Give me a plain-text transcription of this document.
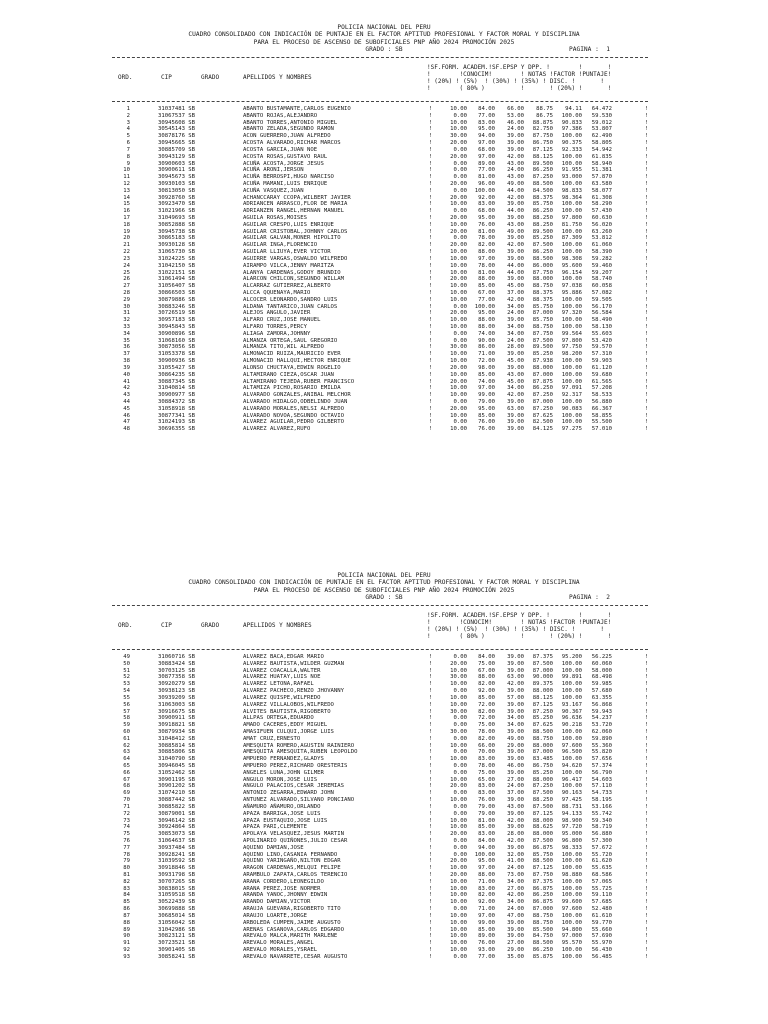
POLICIA NACIONAL DEL PERU
CUADRO CONSOLIDADO CON INDICACIÓN DE PUNTAJE EN EL FACTOR APTITUD PROFESIONAL Y FACTOR MORAL Y DISCIPLINA
PARA EL PROCESO DE ASCENSO DE SUBOFICIALES PNP AÑO 2024 PROMOCIÓN 2025
GRADO : SB	PAGINA :  1
ORD.	CIP	GRADO	APELLIDOS Y NOMBRES
!SF.FORM. ACADEM.!SF.EPSP Y DPP. !        !       !
!        !CONOCIM!        ! NOTAS !FACTOR !PUNTAJE!
! (20%) ! (5%)  ! (30%) ! (35%) ! DISC. !       !
!        ( 80% )          !       ! (20%) !       !
!
1	31037481 SB	ABANTO BUSTAMANTE,CARLOS EUGENIO	10.00	84.00	66.00	88.75	94.11	64.472	!
!
2	31067537 SB	ABANTO ROJAS,ALEJANDRO	0.00	77.00	53.00	86.75	100.00	59.530	!
!
3	30945608 SB	ABANTO TORRES,ANTONIO MIGUEL	10.00	83.00	46.00	88.875	90.833	59.012	!
!
4	30545143 SB	ABANTO ZELADA,SEGUNDO RAMON	10.00	95.00	24.00	82.750	97.386	53.807	!
!
5	30878176 SB	ACON GUERRERO,JUAN ALFREDO	30.00	94.00	39.00	87.750	100.00	62.490	!
!
6	30945665 SB	ACOSTA ALVARADO,RICHAR MARCOS	20.00	97.00	39.00	86.750	90.375	58.805	!
!
7	30885709 SB	ACOSTA GARCIA,JUAN NOE	0.00	68.00	39.00	87.125	92.333	54.942	!
!
8	30943129 SB	ACOSTA ROSAS,GUSTAVO RAUL	20.00	97.00	42.00	88.125	100.00	61.835	!
!
9	30900603 SB	ACUÑA ACOSTA,JORGE JESUS	0.00	89.00	43.00	89.500	100.00	58.940	!
!
10	30900611 SB	ACUÑA ARONI,JERSON	0.00	77.00	24.00	86.250	91.955	51.381	!
!
11	30945673 SB	ACUÑA BERROSPI,HUGO NARCISO	0.00	81.00	43.00	87.250	93.000	57.870	!
!
12	30930103 SB	ACUÑA MAMANI,LUIS ENRIQUE	20.00	96.00	49.00	88.500	100.00	63.580	!
!
13	30813050 SB	ACUÑA VASQUEZ,JUAN	0.00	100.00	44.00	84.500	98.833	58.077	!
!
14	30928760 SB	ACHANCCARAY CCOPA,WILBERT JAVIER	20.00	92.00	42.00	88.375	98.364	61.308	!
!
15	30923470 SB	ADRIANCEN ARRASCO,FLOR DE MARIA	10.00	83.00	39.00	85.750	100.00	58.290	!
!
16	31021966 SB	ADRIANZEN RANGEL,HERNAN MANUEL	0.00	68.00	44.00	86.250	100.00	57.430	!
!
17	31049693 SB	AGUILA ROSAS,MOISES	20.00	95.00	39.00	88.250	97.800	60.630	!
!
18	30852888 SB	AGUILAR CRESPO,LUIS ENRIQUE	10.00	76.00	43.00	88.250	81.750	56.020	!
!
19	30945738 SB	AGUILAR CRISTOBAL,JOHNNY CARLOS	20.00	81.00	49.00	89.500	100.00	63.260	!
!
20	30865183 SB	AGUILAR GALVAN,MONER HIPOLITO	0.00	78.00	39.00	85.250	87.309	53.812	!
!
21	30930128 SB	AGUILAR INGA,FLORENCIO	20.00	82.00	42.00	87.500	100.00	61.060	!
!
22	31065730 SB	AGUILAR LLIUYA,EVER VICTOR	10.00	88.00	39.00	86.250	100.00	58.390	!
!
23	31024225 SB	AGUIRRE VARGAS,OSWALDO WILFREDO	10.00	97.00	39.00	88.500	98.308	59.282	!
!
24	31042150 SB	AIRAMPO VILCA,JENNY MARITZA	10.00	78.00	44.00	86.000	95.600	59.460	!
!
25	31022151 SB	ALANYA CARDENAS,GODOY BRUNDIO	10.00	81.00	44.00	87.750	96.154	59.207	!
!
26	31061494 SB	ALARCON CHILCON,SEGUNDO WILLAM	20.00	88.00	39.00	88.000	100.00	58.740	!
!
27	31056407 SB	ALCARRAZ GUTIERREZ,ALBERTO	10.00	85.00	45.00	88.750	97.038	60.058	!
!
28	30866503 SB	ALCCA QQUENAYA,MARIO	10.00	67.00	37.00	88.375	95.886	57.082	!
!
29	30879886 SB	ALCOCER LEONARDO,SANDRO LUIS	10.00	77.00	42.00	88.375	100.00	59.505	!
!
30	30883246 SB	ALDANA TANTARICO,JUAN CARLOS	0.00	100.00	34.00	85.750	100.00	56.170	!
!
31	30726519 SB	ALEJOS ANGULO,JAVIER	20.00	95.00	24.00	87.000	97.320	56.584	!
!
32	30957183 SB	ALFARO CRUZ,JOSE MANUEL	10.00	88.00	39.00	85.750	100.00	58.490	!
!
33	30945843 SB	ALFARO TORRES,PERCY	10.00	88.00	34.00	88.750	100.00	58.130	!
!
34	30900896 SB	ALIAGA ZAMORA,JOHNNY	0.00	74.00	34.00	87.750	99.564	55.603	!
!
35	31068160 SB	ALMANZA ORTEGA,SAUL GREGORIO	0.00	90.00	24.00	87.500	97.800	53.420	!
!
36	30873056 SB	ALMANZA TITO,WIL ALFREDO	30.00	86.00	28.00	89.500	97.750	59.570	!
!
37	31053378 SB	ALMONACID RUIZA,MAURICIO EVER	10.00	71.00	39.00	85.250	98.200	57.310	!
!
38	30900936 SB	ALMONACID HALLQUI,HECTOR ENRIQUE	10.00	72.00	45.00	87.938	100.00	59.903	!
!
39	31055427 SB	ALONSO CHUCTAYA,EDWIN ROGELIO	20.00	98.00	39.00	88.000	100.00	61.120	!
!
40	30864235 SB	ALTAMIRANO CIEZA,OSCAR JUAN	10.00	85.00	43.00	87.000	100.00	59.680	!
!
41	30887345 SB	ALTAMIRANO TEJEDA,RUBER FRANCISCO	20.00	74.00	45.00	87.875	100.00	61.565	!
!
42	31040814 SB	ALTAMIZA PICHO,ROSARIO EMILDA	10.00	97.00	34.00	86.250	97.091	57.208	!
!
43	30900977 SB	ALVARADO GONZALES,ANIBAL MELCHOR	10.00	99.00	42.00	87.250	92.317	58.533	!
!
44	30884372 SB	ALVARADO HIDALGO,ODBELINDO JUAN	0.00	79.00	39.00	87.000	100.00	56.880	!
!
45	31058918 SB	ALVARADO MORALES,NELSI ALFREDO	20.00	95.00	63.00	87.250	90.083	66.367	!
!
46	30877341 SB	ALVARADO NOVOA,SEGUNDO OCTAVIO	10.00	85.00	39.00	87.625	100.00	58.855	!
!
47	31024193 SB	ALVAREZ AGUILAR,PEDRO GILBERTO	0.00	76.00	39.00	82.500	100.00	55.500	!
!
48	30696355 SB	ALVAREZ ALVAREZ,RUFO	10.00	76.00	39.00	84.125	97.275	57.010	!
POLICIA NACIONAL DEL PERU
CUADRO CONSOLIDADO CON INDICACIÓN DE PUNTAJE EN EL FACTOR APTITUD PROFESIONAL Y FACTOR MORAL Y DISCIPLINA
PARA EL PROCESO DE ASCENSO DE SUBOFICIALES PNP AÑO 2024 PROMOCIÓN 2025
GRADO : SB	PAGINA :  2
ORD.	CIP	GRADO	APELLIDOS Y NOMBRES
!SF.FORM. ACADEM.!SF.EPSP Y DPP. !        !       !
!        !CONOCIM!        ! NOTAS !FACTOR !PUNTAJE!
! (20%) ! (5%)  ! (30%) ! (35%) ! DISC. !       !
!        ( 80% )          !       ! (20%) !       !
!
49	31060716 SB	ALVAREZ BACA,EDGAR MARIO	0.00	84.00	39.00	87.375	95.200	56.225	!
!
50	30883424 SB	ALVAREZ BAUTISTA,WILDER GUZMAN	20.00	75.00	39.00	87.500	100.00	60.060	!
!
51	30703125 SB	ALVAREZ COACALLA,WALTER	10.00	67.00	39.00	87.000	100.00	58.000	!
!
52	30877358 SB	ALVAREZ HUATAY,LUIS NOE	30.00	88.00	63.00	90.000	99.891	68.498	!
!
53	30920279 SB	ALVAREZ LETONA,RAFAEL	10.00	82.00	42.00	89.375	100.00	59.985	!
!
54	30938123 SB	ALVAREZ PACHECO,RENZO JHOVANNY	0.00	92.00	39.00	88.000	100.00	57.680	!
!
55	30939209 SB	ALVAREZ QUISPE,WILFREDO	10.00	85.00	57.00	88.125	100.00	63.355	!
!
56	31063003 SB	ALVAREZ VILLALOBOS,WILFREDO	10.00	72.00	39.00	87.125	93.167	56.868	!
!
57	30916675 SB	ALVITES BAUTISTA,RIGOBERTO	30.00	82.00	39.00	87.250	90.367	59.943	!
!
58	30900911 SB	ALLPAS ORTEGA,EDUARDO	0.00	72.00	34.00	85.250	96.636	54.237	!
!
59	30918821 SB	AMADO CACERES,EDDY MIGUEL	0.00	75.00	34.00	87.625	90.218	53.720	!
!
60	30879934 SB	AMASIFUEN CULQUI,JORGE LUIS	30.00	78.00	39.00	88.500	100.00	62.060	!
!
61	31048412 SB	AMAT CRUZ,ERNESTO	0.00	82.00	49.00	88.750	100.00	59.890	!
!
62	30885814 SB	AMESQUITA ROMERO,AGUSTIN RAINIERO	10.00	66.00	29.00	88.000	97.600	55.360	!
!
63	30885806 SB	AMESQUITA AMESQUITA,RUBEN LEOPOLDO	0.00	70.00	39.00	87.000	96.500	55.820	!
!
64	31040790 SB	AMPUERO FERNANDEZ,GLADYS	10.00	83.00	39.00	83.485	100.00	57.656	!
!
65	30946045 SB	AMPUERO PEREZ,RICHARD ORESTERIS	0.00	78.00	46.00	86.750	94.620	57.374	!
!
66	31052462 SB	ANGELES LUNA,JOHN GILMER	0.00	75.00	39.00	85.250	100.00	56.790	!
!
67	30901195 SB	ANGULO MORON,JOSE LUIS	10.00	65.00	27.00	88.000	96.417	54.603	!
!
68	30901202 SB	ANGULO PALACIOS,CESAR JEREMIAS	20.00	83.00	24.00	87.250	100.00	57.110	!
!
69	31074210 SB	ANTONIO ZEGARRA,EDWARD JOHN	0.00	83.00	37.00	87.500	90.163	54.733	!
!
70	30887442 SB	ANTUNEZ ALVARADO,SILVANO PONCIANO	10.00	76.00	39.00	88.250	97.425	58.195	!
!
71	30885822 SB	AÑAMURO AÑAMURO,ORLANDO	0.00	79.00	43.00	87.500	88.731	53.166	!
!
72	30879001 SB	APAZA BARRIGA,JOSE LUIS	0.00	79.00	39.00	87.125	94.133	55.742	!
!
73	30946142 SB	APAZA EUSTAQUIO,JOSE LUIS	10.00	81.00	42.00	88.000	98.900	59.340	!
!
74	30924864 SB	APAZA PARI,CLEMENTE	10.00	85.00	39.00	88.625	97.720	58.719	!
!
75	30853073 SB	APOLAYA VELASQUEZ,JESUS MARTIN	20.00	83.00	28.00	88.000	95.000	56.880	!
!
76	31064637 SB	APOLINARIO QUIÑONES,JULIO CESAR	0.00	84.00	42.00	87.500	96.800	57.300	!
!
77	30937484 SB	AQUINO DAMIAN,JOSE	0.00	94.00	39.00	86.875	98.333	57.672	!
!
78	30928241 SB	AQUINO LINO,CASANIA FERNANDO	0.00	100.00	32.00	85.750	100.00	55.720	!
!
79	31039592 SB	AQUINO YARINGAÑO,NILTON EDGAR	20.00	95.00	41.00	88.500	100.00	61.620	!
!
80	30918846 SB	ARAGON CARDENAS,MELQUI FELIPE	10.00	97.00	24.00	87.125	100.00	55.635	!
!
81	30931798 SB	ARAMBULO ZAPATA,CARLOS TERENCIO	20.00	88.00	73.00	87.750	98.880	68.586	!
!
82	30707265 SB	ARANA CORDERO,LEONEGILDO	10.00	71.00	34.00	87.375	100.00	57.065	!
!
83	30838015 SB	ARANA PEREZ,JOSE NORMER	10.00	83.00	27.00	86.875	100.00	55.725	!
!
84	31059518 SB	ARANDA YANOC,JHONNY EDWIN	10.00	82.00	42.00	86.250	100.00	59.110	!
!
85	30522439 SB	ARANDO DAMIAN,VICTOR	10.00	92.00	34.00	86.875	99.600	57.685	!
!
86	30699888 SB	ARAUJA GUEVARA,RIGOBERTO TITO	0.00	71.00	24.00	87.000	97.600	52.480	!
!
87	30685014 SB	ARAUJO LOARTE,JORGE	10.00	97.00	47.00	88.750	100.00	61.610	!
!
88	31056042 SB	ARBOLEDA CUMPEN,JAIME AUGUSTO	10.00	99.00	39.00	88.750	100.00	59.770	!
!
89	31042986 SB	ARENAS CASANOVA,CARLOS EDGARDO	10.00	85.00	39.00	85.500	94.800	55.660	!
!
90	30823121 SB	AREVALO MALCA,MARITH MARLENE	10.00	89.00	39.00	84.750	97.000	57.690	!
!
91	30723521 SB	AREVALO MORALES,ANGEL	10.00	76.00	27.00	88.500	95.570	55.970	!
!
92	30901405 SB	AREVALO MORALES,YSRAEL	10.00	93.00	29.00	86.250	100.00	56.430	!
!
93	30858241 SB	AREVALO NAVARRETE,CESAR AUGUSTO	0.00	77.00	35.00	85.875	100.00	56.485	!
